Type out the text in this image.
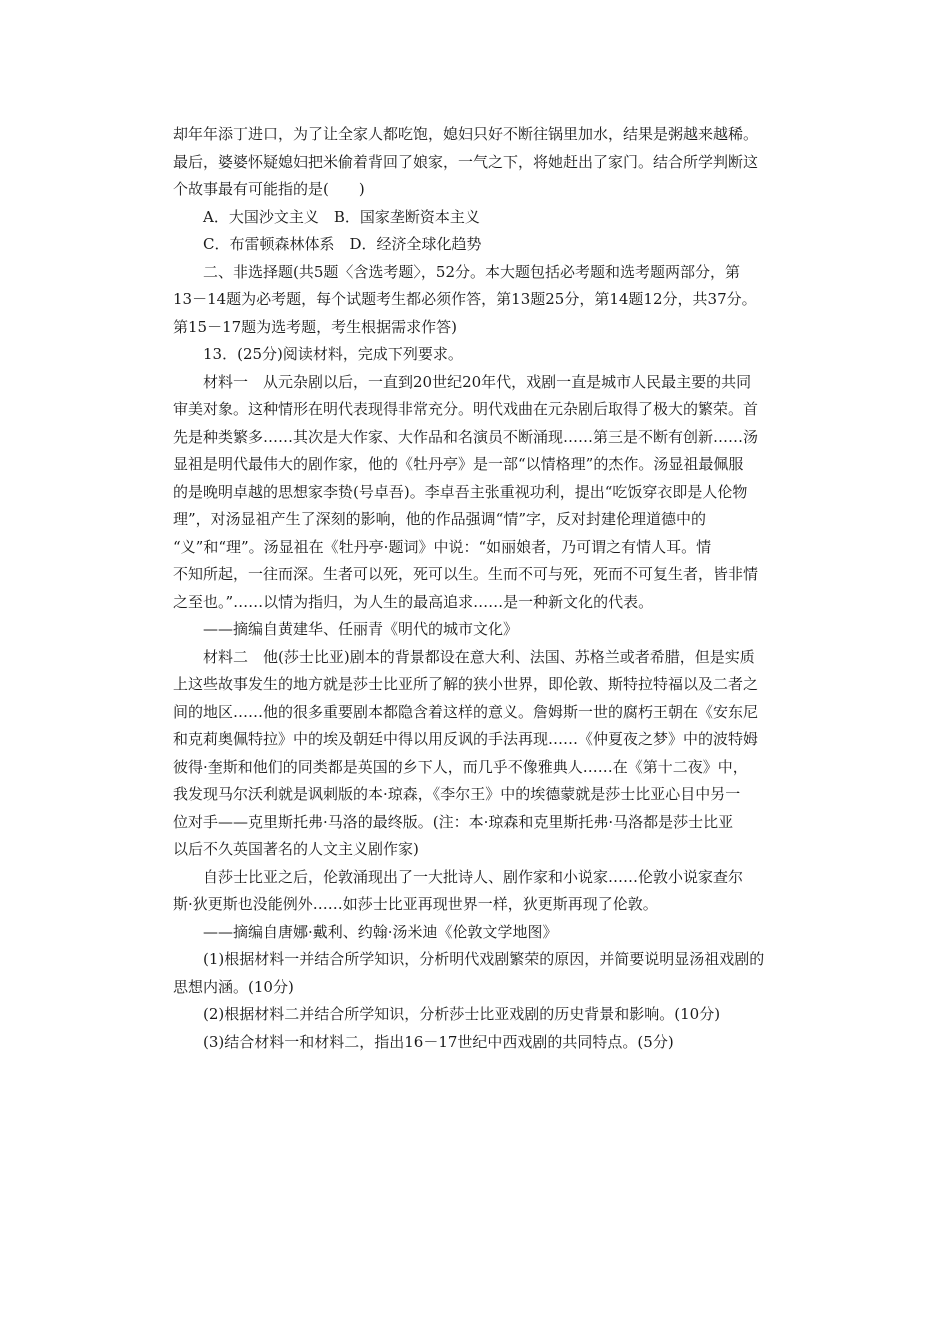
却年年添丁进口，为了让全家人都吃饱，媳妇只好不断往锅里加水，结果是粥越来越稀。

最后，婆婆怀疑媳妇把米偷着背回了娘家，一气之下，将她赶出了家门。结合所学判断这

个故事最有可能指的是(　　)

A．大国沙文主义　B．国家垄断资本主义

C．布雷顿森林体系　D．经济全球化趋势

二、非选择题(共5题〈含选考题〉，52分。本大题包括必考题和选考题两部分，第

13－14题为必考题，每个试题考生都必须作答，第13题25分，第14题12分，共37分。

第15－17题为选考题，考生根据需求作答)

13．(25分)阅读材料，完成下列要求。

材料一　从元杂剧以后，一直到20世纪20年代，戏剧一直是城市人民最主要的共同

审美对象。这种情形在明代表现得非常充分。明代戏曲在元杂剧后取得了极大的繁荣。首

先是种类繁多……其次是大作家、大作品和名演员不断涌现……第三是不断有创新……汤

显祖是明代最伟大的剧作家，他的《牡丹亭》是一部“以情格理”的杰作。汤显祖最佩服

的是晚明卓越的思想家李贽(号卓吾)。李卓吾主张重视功利，提出“吃饭穿衣即是人伦物

理”，对汤显祖产生了深刻的影响，他的作品强调“情”字，反对封建伦理道德中的

“义”和“理”。汤显祖在《牡丹亭·题词》中说：“如丽娘者，乃可谓之有情人耳。情

不知所起，一往而深。生者可以死，死可以生。生而不可与死，死而不可复生者，皆非情

之至也。”……以情为指归，为人生的最高追求……是一种新文化的代表。

——摘编自黄建华、任丽青《明代的城市文化》

材料二　他(莎士比亚)剧本的背景都设在意大利、法国、苏格兰或者希腊，但是实质

上这些故事发生的地方就是莎士比亚所了解的狭小世界，即伦敦、斯特拉特福以及二者之

间的地区……他的很多重要剧本都隐含着这样的意义。詹姆斯一世的腐朽王朝在《安东尼

和克莉奥佩特拉》中的埃及朝廷中得以用反讽的手法再现……《仲夏夜之梦》中的波特姆

彼得·奎斯和他们的同类都是英国的乡下人，而几乎不像雅典人……在《第十二夜》中，

我发现马尔沃利就是讽刺版的本·琼森，《李尔王》中的埃德蒙就是莎士比亚心目中另一

位对手——克里斯托弗·马洛的最终版。(注：本·琼森和克里斯托弗·马洛都是莎士比亚

以后不久英国著名的人文主义剧作家)

自莎士比亚之后，伦敦涌现出了一大批诗人、剧作家和小说家……伦敦小说家查尔

斯·狄更斯也没能例外……如莎士比亚再现世界一样，狄更斯再现了伦敦。

——摘编自唐娜·戴利、约翰·汤米迪《伦敦文学地图》

(1)根据材料一并结合所学知识，分析明代戏剧繁荣的原因，并简要说明显汤祖戏剧的

思想内涵。(10分)

(2)根据材料二并结合所学知识，分析莎士比亚戏剧的历史背景和影响。(10分)

(3)结合材料一和材料二，指出16－17世纪中西戏剧的共同特点。(5分)
